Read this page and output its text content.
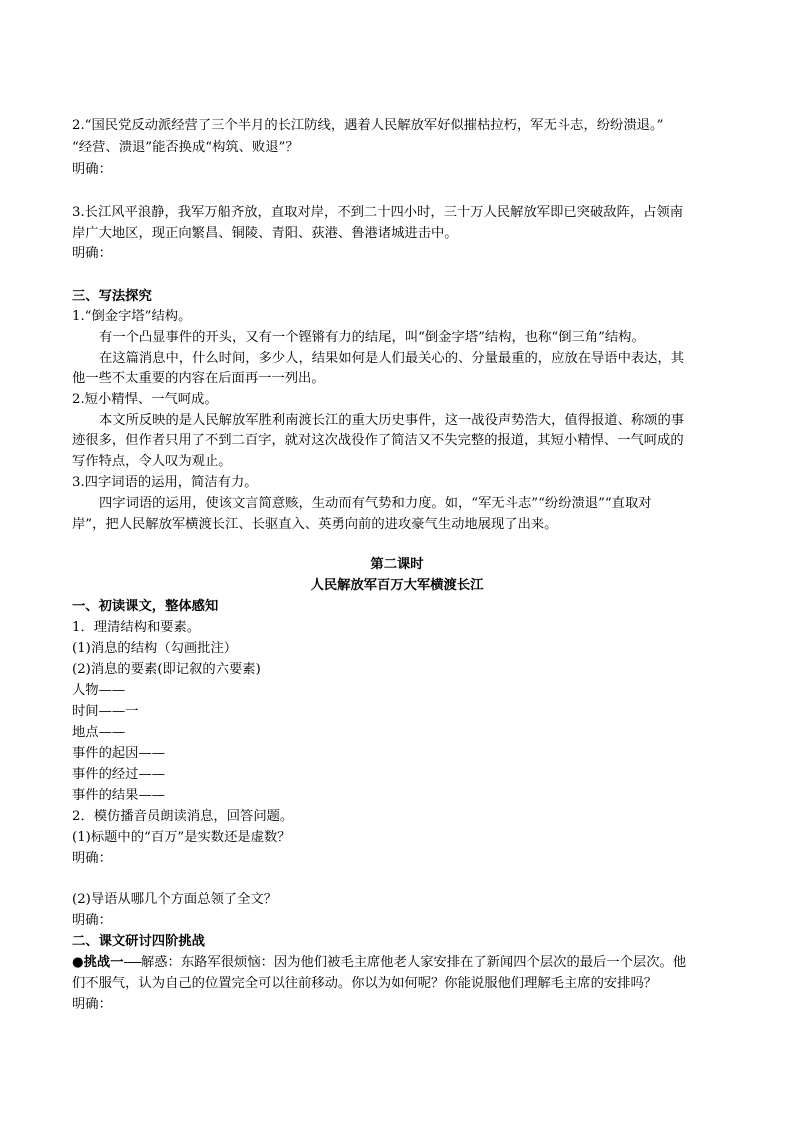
2.“国民党反动派经营了三个半月的长江防线，遇着人民解放军好似摧枯拉朽，军无斗志，纷纷溃退。”
“经营、溃退”能否换成“构筑、败退”？
明确：
3.长江风平浪静，我军万船齐放，直取对岸，不到二十四小时，三十万人民解放军即已突破敌阵，占领南
岸广大地区，现正向繁昌、铜陵、青阳、荻港、鲁港诸城进击中。
明确：
三、写法探究
1.“倒金字塔”结构。
有一个凸显事件的开头，又有一个铿锵有力的结尾，叫“倒金字塔”结构，也称“倒三角”结构。
在这篇消息中，什么时间，多少人，结果如何是人们最关心的、分量最重的，应放在导语中表达，其
他一些不太重要的内容在后面再一一列出。
2.短小精悍、一气呵成。
本文所反映的是人民解放军胜利南渡长江的重大历史事件，这一战役声势浩大，值得报道、称颂的事
迹很多，但作者只用了不到二百字，就对这次战役作了简洁又不失完整的报道，其短小精悍、一气呵成的
写作特点，令人叹为观止。
3.四字词语的运用，简洁有力。
四字词语的运用，使该文言简意赅，生动而有气势和力度。如，“军无斗志”“纷纷溃退”“直取对
岸”，把人民解放军横渡长江、长驱直入、英勇向前的进攻豪气生动地展现了出来。
第二课时
人民解放军百万大军横渡长江
一、初读课文，整体感知
1．理清结构和要素。
(1)消息的结构（勾画批注）
(2)消息的要素(即记叙的六要素)
人物——
时间——一
地点——
事件的起因——
事件的经过——
事件的结果——
2．模仿播音员朗读消息，回答问题。
(1)标题中的“百万”是实数还是虚数？
明确：
(2)导语从哪几个方面总领了全文？
明确：
二、课文研讨四阶挑战
●挑战一-----解惑：东路军很烦恼：因为他们被毛主席他老人家安排在了新闻四个层次的最后一个层次。他
们不服气，认为自己的位置完全可以往前移动。你以为如何呢？你能说服他们理解毛主席的安排吗？
明确：
